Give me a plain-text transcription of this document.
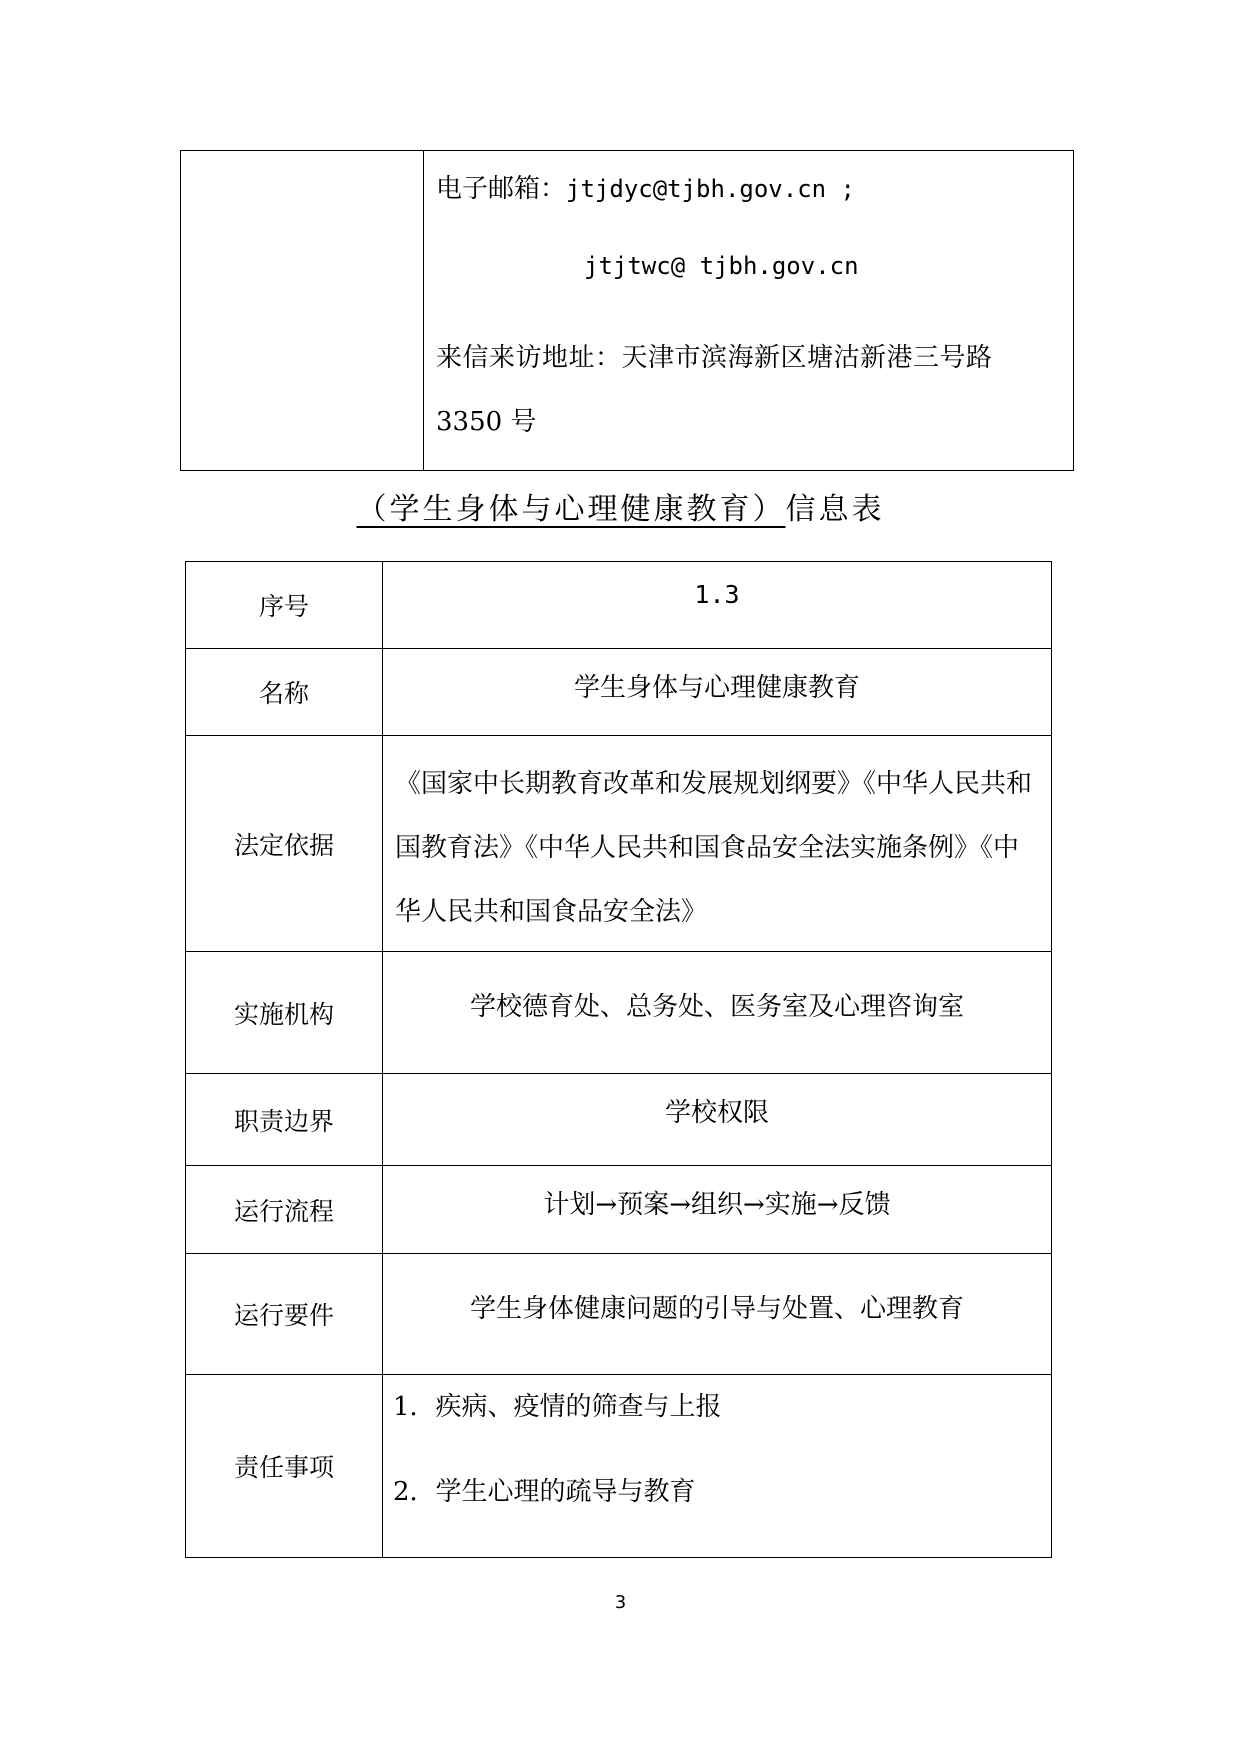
电子邮箱：jtjdyc@tjbh.gov.cn ;
jtjtwc@ tjbh.gov.cn
来信来访地址：天津市滨海新区塘沽新港三号路
3350 号
（学生身体与心理健康教育）信息表
序号	1.3
名称	学生身体与心理健康教育
法定依据	《国家中长期教育改革和发展规划纲要》《中华人民共和国教育法》《中华人民共和国食品安全法实施条例》《中华人民共和国食品安全法》
实施机构	学校德育处、总务处、医务室及心理咨询室
职责边界	学校权限
运行流程	计划→预案→组织→实施→反馈
运行要件	学生身体健康问题的引导与处置、心理教育
责任事项	1．疾病、疫情的筛查与上报
2．学生心理的疏导与教育
3
